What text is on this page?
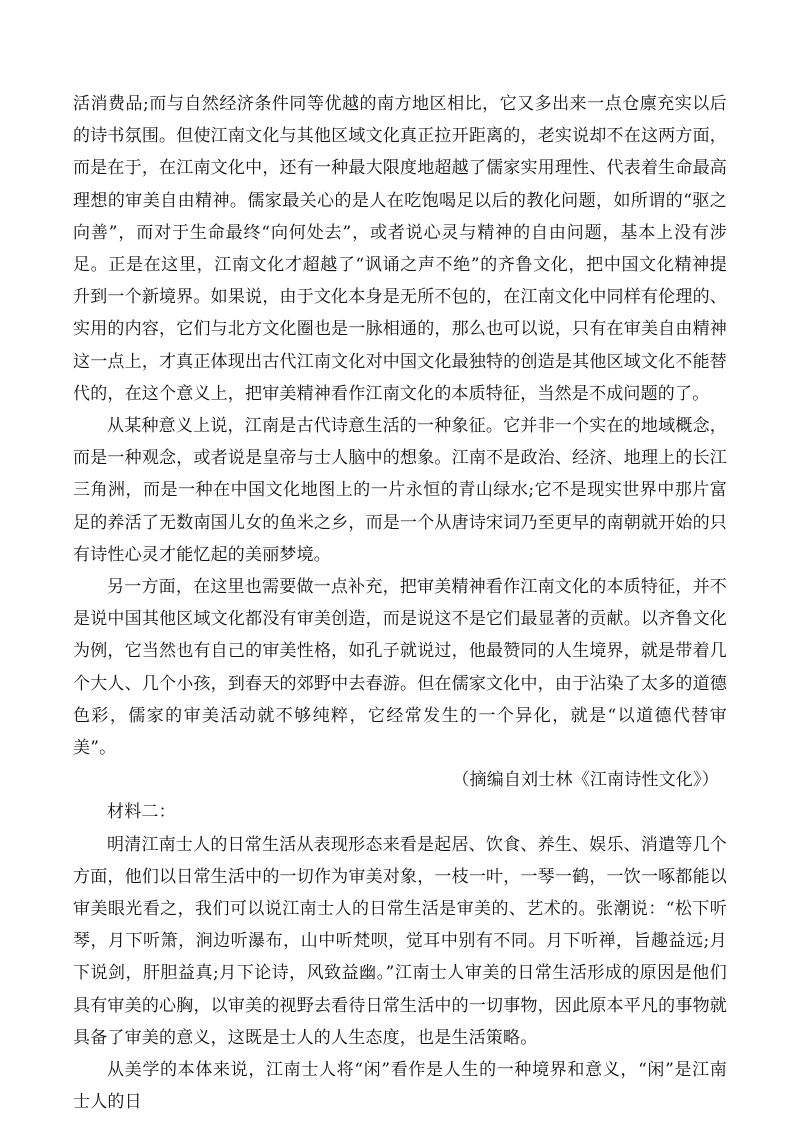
活消费品;而与自然经济条件同等优越的南方地区相比，它又多出来一点仓廪充实以后的诗书氛围。但使江南文化与其他区域文化真正拉开距离的，老实说却不在这两方面，而是在于，在江南文化中，还有一种最大限度地超越了儒家实用理性、代表着生命最高理想的审美自由精神。儒家最关心的是人在吃饱喝足以后的教化问题，如所谓的“驱之向善”，而对于生命最终“向何处去”，或者说心灵与精神的自由问题，基本上没有涉足。正是在这里，江南文化才超越了“讽诵之声不绝”的齐鲁文化，把中国文化精神提升到一个新境界。如果说，由于文化本身是无所不包的，在江南文化中同样有伦理的、实用的内容，它们与北方文化圈也是一脉相通的，那么也可以说，只有在审美自由精神这一点上，才真正体现出古代江南文化对中国文化最独特的创造是其他区域文化不能替代的，在这个意义上，把审美精神看作江南文化的本质特征，当然是不成问题的了。

从某种意义上说，江南是古代诗意生活的一种象征。它并非一个实在的地域概念，而是一种观念，或者说是皇帝与士人脑中的想象。江南不是政治、经济、地理上的长江三角洲，而是一种在中国文化地图上的一片永恒的青山绿水;它不是现实世界中那片富足的养活了无数南国儿女的鱼米之乡，而是一个从唐诗宋词乃至更早的南朝就开始的只有诗性心灵才能忆起的美丽梦境。

另一方面，在这里也需要做一点补充，把审美精神看作江南文化的本质特征，并不是说中国其他区域文化都没有审美创造，而是说这不是它们最显著的贡献。以齐鲁文化为例，它当然也有自己的审美性格，如孔子就说过，他最赞同的人生境界，就是带着几个大人、几个小孩，到春天的郊野中去春游。但在儒家文化中，由于沾染了太多的道德色彩，儒家的审美活动就不够纯粹，它经常发生的一个异化，就是“以道德代替审美”。

（摘编自刘士林《江南诗性文化》）

材料二：

明清江南士人的日常生活从表现形态来看是起居、饮食、养生、娱乐、消遣等几个方面，他们以日常生活中的一切作为审美对象，一枝一叶，一琴一鹤，一饮一啄都能以审美眼光看之，我们可以说江南士人的日常生活是审美的、艺术的。张潮说：“松下听琴，月下听箫，涧边听瀑布，山中听梵呗，觉耳中别有不同。月下听禅，旨趣益远;月下说剑，肝胆益真;月下论诗，风致益幽。”江南士人审美的日常生活形成的原因是他们具有审美的心胸，以审美的视野去看待日常生活中的一切事物，因此原本平凡的事物就具备了审美的意义，这既是士人的人生态度，也是生活策略。

从美学的本体来说，江南士人将“闲”看作是人生的一种境界和意义，“闲”是江南士人的日
